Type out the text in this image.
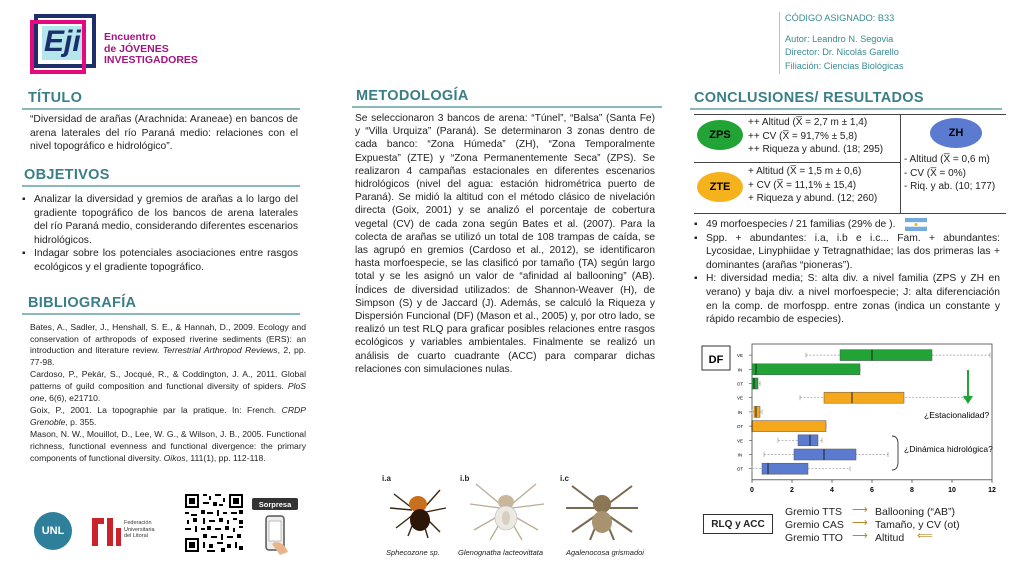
Eji Encuentro
de JÓVENES
INVESTIGADORES
CÓDIGO ASIGNADO: B33
Autor: Leandro N. Segovia
Director: Dr. Nicolás Garello
Filiación: Ciencias Biológicas
TÍTULO
“Diversidad de arañas (Arachnida: Araneae) en bancos de arena laterales del río Paraná medio: relaciones con el nivel topográfico e hidrológico”.
OBJETIVOS

▪ Analizar la diversidad y gremios de arañas a lo largo del gradiente topográfico de los bancos de arena laterales del río Paraná medio, considerando diferentes escenarios hidrológicos.

▪ Indagar sobre los potenciales asociaciones entre rasgos ecológicos y el gradiente topográfico.

BIBLIOGRAFÍA

Bates, A., Sadler, J., Henshall, S. E., & Hannah, D., 2009. Ecology and conservation of arthropods of exposed riverine sediments (ERS): an introduction and literature review. Terrestrial Arthropod Reviews, 2, pp. 77-98.

Cardoso, P., Pekár, S., Jocqué, R., & Coddington, J. A., 2011. Global patterns of guild composition and functional diversity of spiders. PloS one, 6(6), e21710.

Goix, P., 2001. La topographie par la pratique. In: French. CRDP Grenoble, p. 355.

Mason, N. W., Mouillot, D., Lee, W. G., & Wilson, J. B., 2005. Functional richness, functional evenness and functional divergence: the primary components of functional diversity. Oikos, 111(1), pp. 112-118.

UNL
Federación
Universitaria
del Litoral
Sorpresa
METODOLOGÍA
Se seleccionaron 3 bancos de arena: “Túnel”, “Balsa” (Santa Fe) y “Villa Urquiza” (Paraná). Se determinaron 3 zonas dentro de cada banco: “Zona Húmeda” (ZH), “Zona Temporalmente Expuesta” (ZTE) y “Zona Permanentemente Seca” (ZPS). Se realizaron 4 campañas estacionales en diferentes escenarios hidrológicos (nivel del agua: estación hidrométrica puerto de Paraná). Se midió la altitud con el método clásico de nivelación directa (Goix, 2001) y se analizó el porcentaje de cobertura vegetal (CV) de cada zona según Bates et al. (2007). Para la colecta de arañas se utilizó un total de 108 trampas de caída, se las agrupó en gremios (Cardoso et al., 2012), se identificaron hasta morfoespecie, se las clasificó por tamaño (TA) según largo total y se les asignó un valor de “afinidad al ballooning” (AB). Índices de diversidad utilizados: de Shannon-Weaver (H), de Simpson (S) y de Jaccard (J). Además, se calculó la Riqueza y Dispersión Funcional (DF) (Mason et al., 2005) y, por otro lado, se realizó un test RLQ para graficar posibles relaciones entre rasgos ecológicos y variables ambientales. Finalmente se realizó un análisis de cuarto cuadrante (ACC) para comparar dichas relaciones con simulaciones nulas.
i.a
Sphecozone sp.
i.b
Glenognatha lacteovittata
i.c
Agalenocosa grismadoi
CONCLUSIONES/ RESULTADOS
ZPS
++ Altitud (X̅ = 2,7 m ± 1,4)
++ CV (X̅ = 91,7% ± 5,8)
++ Riqueza y abund. (18; 295)
ZTE
+ Altitud (X̅ = 1,5 m ± 0,6)
+ CV (X̅ = 11,1% ± 15,4)
+ Riqueza y abund. (12; 260)
ZH
- Altitud (X̅ = 0,6 m)
- CV (X̅ = 0%)
- Riq. y ab. (10; 177)

▪ 49 morfoespecies / 21 familias (29% de ).

▪ Spp. + abundantes: i.a, i.b e i.c... Fam. + abundantes: Lycosidae, Linyphiidae y Tetragnathidae; las dos primeras las + dominantes (arañas “pioneras”).

▪ H: diversidad media; S: alta div. a nivel familia (ZPS y ZH en verano) y baja div. a nivel morfoespecie; J: alta diferenciación en la comp. de morfospp. entre zonas (indica un constante y rápido recambio de especies).

DF
0	2	4	6	8	10	12
VE
IN
OT
VE
IN
OT
VE
IN
OT
¿Estacionalidad?
¿Dinámica hidrológica?
RLQ y ACC
Gremio TTS ⟶ Ballooning (“AB”)
Gremio CAS ⟶ Tamaño, y CV (ot)
Gremio TTO ⟶ Altitud ⟸
